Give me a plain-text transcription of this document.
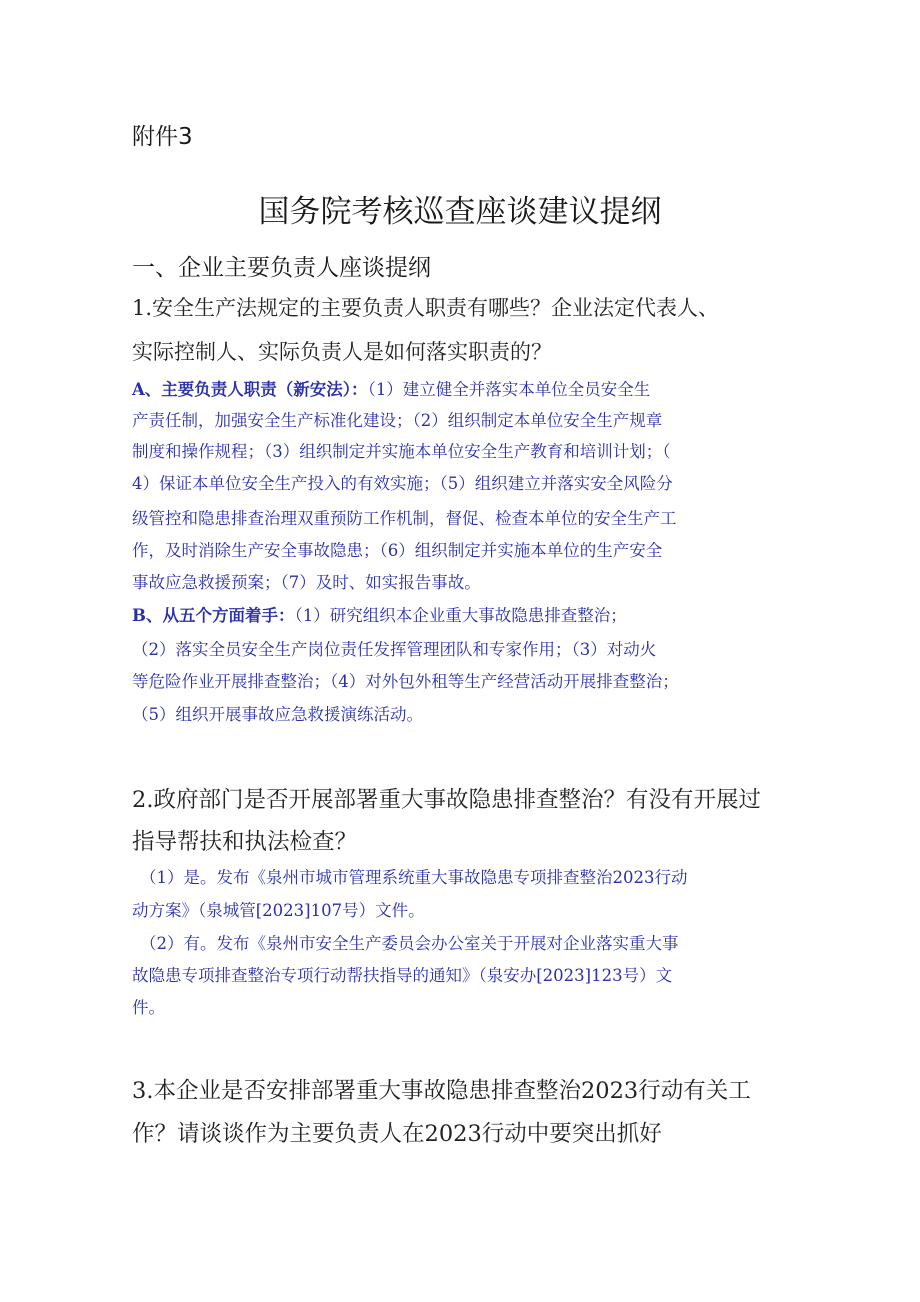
附件3
国务院考核巡查座谈建议提纲
一、企业主要负责人座谈提纲
1.安全生产法规定的主要负责人职责有哪些？企业法定代表人、
实际控制人、实际负责人是如何落实职责的？
A、主要负责人职责（新安法）：（1）建立健全并落实本单位全员安全生
产责任制，加强安全生产标准化建设；（2）组织制定本单位安全生产规章
制度和操作规程；（3）组织制定并实施本单位安全生产教育和培训计划；（
4）保证本单位安全生产投入的有效实施；（5）组织建立并落实安全风险分
级管控和隐患排查治理双重预防工作机制，督促、检查本单位的安全生产工
作，及时消除生产安全事故隐患；（6）组织制定并实施本单位的生产安全
事故应急救援预案；（7）及时、如实报告事故。
B、从五个方面着手：（1）研究组织本企业重大事故隐患排查整治；
（2）落实全员安全生产岗位责任发挥管理团队和专家作用；（3）对动火
等危险作业开展排查整治；（4）对外包外租等生产经营活动开展排查整治；
（5）组织开展事故应急救援演练活动。
2.政府部门是否开展部署重大事故隐患排查整治？有没有开展过
指导帮扶和执法检查？
（1）是。发布《泉州市城市管理系统重大事故隐患专项排查整治2023行动
动方案》（泉城管[2023]107号）文件。
（2）有。发布《泉州市安全生产委员会办公室关于开展对企业落实重大事
故隐患专项排查整治专项行动帮扶指导的通知》（泉安办[2023]123号）文
件。
3.本企业是否安排部署重大事故隐患排查整治2023行动有关工
作？请谈谈作为主要负责人在2023行动中要突出抓好
